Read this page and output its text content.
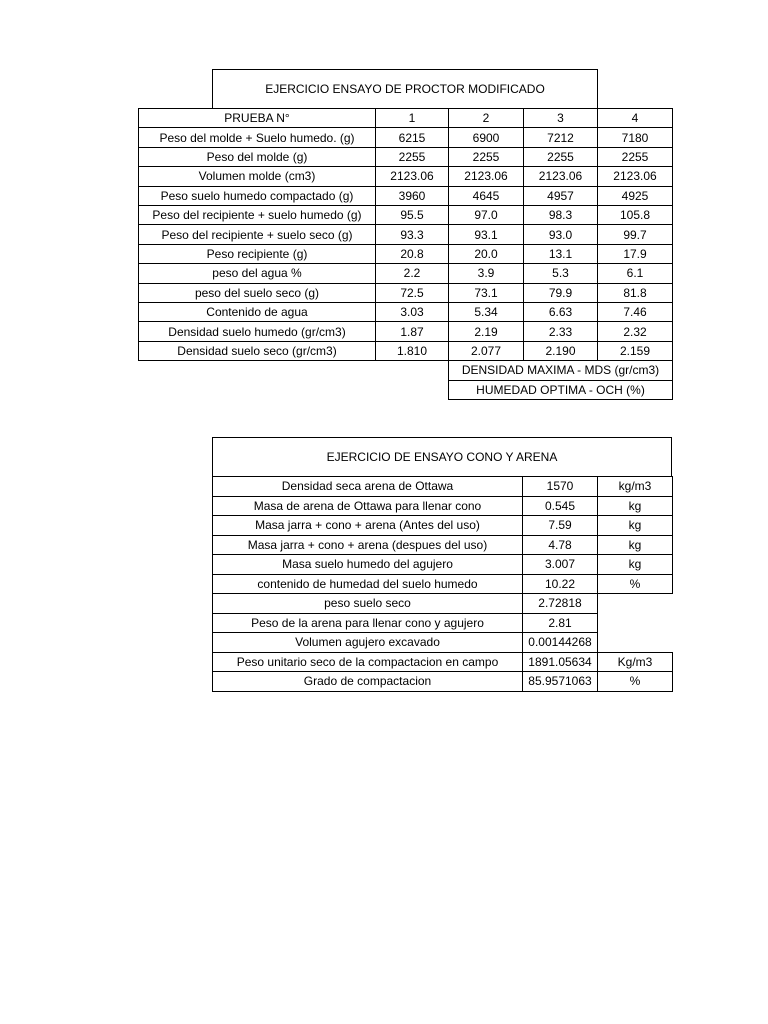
EJERCICIO ENSAYO DE PROCTOR MODIFICADO
PRUEBA N°	1	2	3	4
Peso del molde + Suelo humedo. (g)	6215	6900	7212	7180
Peso del molde (g)	2255	2255	2255	2255
Volumen molde (cm3)	2123.06	2123.06	2123.06	2123.06
Peso suelo humedo compactado (g)	3960	4645	4957	4925
Peso del recipiente + suelo humedo (g)	95.5	97.0	98.3	105.8
Peso del recipiente + suelo seco (g)	93.3	93.1	93.0	99.7
Peso recipiente (g)	20.8	20.0	13.1	17.9
peso del agua %	2.2	3.9	5.3	6.1
peso del suelo seco (g)	72.5	73.1	79.9	81.8
Contenido de agua	3.03	5.34	6.63	7.46
Densidad suelo humedo (gr/cm3)	1.87	2.19	2.33	2.32
Densidad suelo seco (gr/cm3)	1.810	2.077	2.190	2.159
DENSIDAD MAXIMA - MDS (gr/cm3)
HUMEDAD OPTIMA - OCH (%)
EJERCICIO DE ENSAYO CONO Y ARENA
Densidad seca arena de Ottawa	1570	kg/m3
Masa de arena de Ottawa para llenar cono	0.545	kg
Masa jarra + cono + arena (Antes del uso)	7.59	kg
Masa jarra + cono + arena (despues del uso)	4.78	kg
Masa suelo humedo del agujero	3.007	kg
contenido de humedad del suelo humedo	10.22	%
peso suelo seco	2.72818
Peso de la arena para llenar cono y agujero	2.81
Volumen agujero excavado	0.00144268
Peso unitario seco de la compactacion en campo	1891.05634	Kg/m3
Grado de compactacion	85.9571063	%
